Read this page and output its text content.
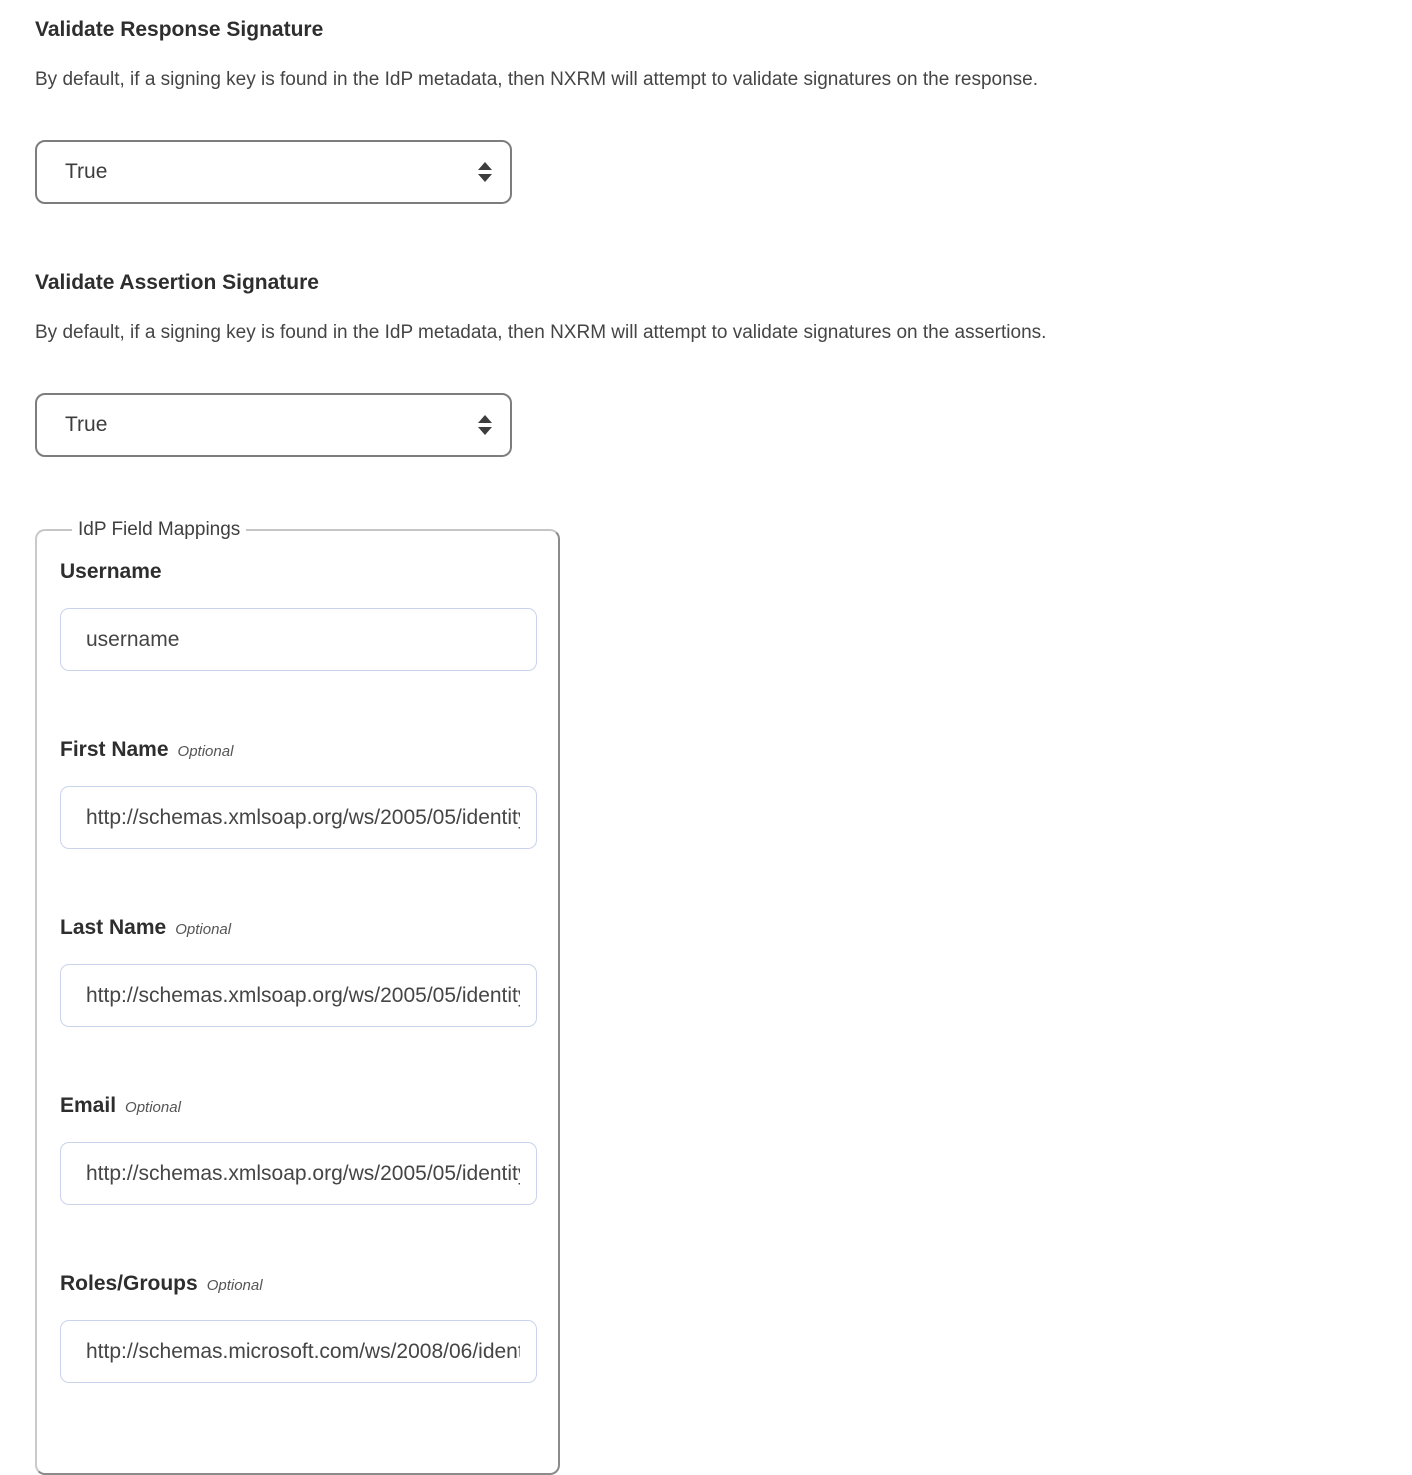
Validate Response Signature

By default, if a signing key is found in the IdP metadata, then NXRM will attempt to validate signatures on the response.

True
Validate Assertion Signature

By default, if a signing key is found in the IdP metadata, then NXRM will attempt to validate signatures on the assertions.

True
IdP Field Mappings
Username
username
First Name Optional
http://schemas.xmlsoap.org/ws/2005/05/identity/claims/givenname
Last Name Optional
http://schemas.xmlsoap.org/ws/2005/05/identity/claims/surname
Email Optional
http://schemas.xmlsoap.org/ws/2005/05/identity/claims/emailaddress
Roles/Groups Optional
http://schemas.microsoft.com/ws/2008/06/identity/claims/role
